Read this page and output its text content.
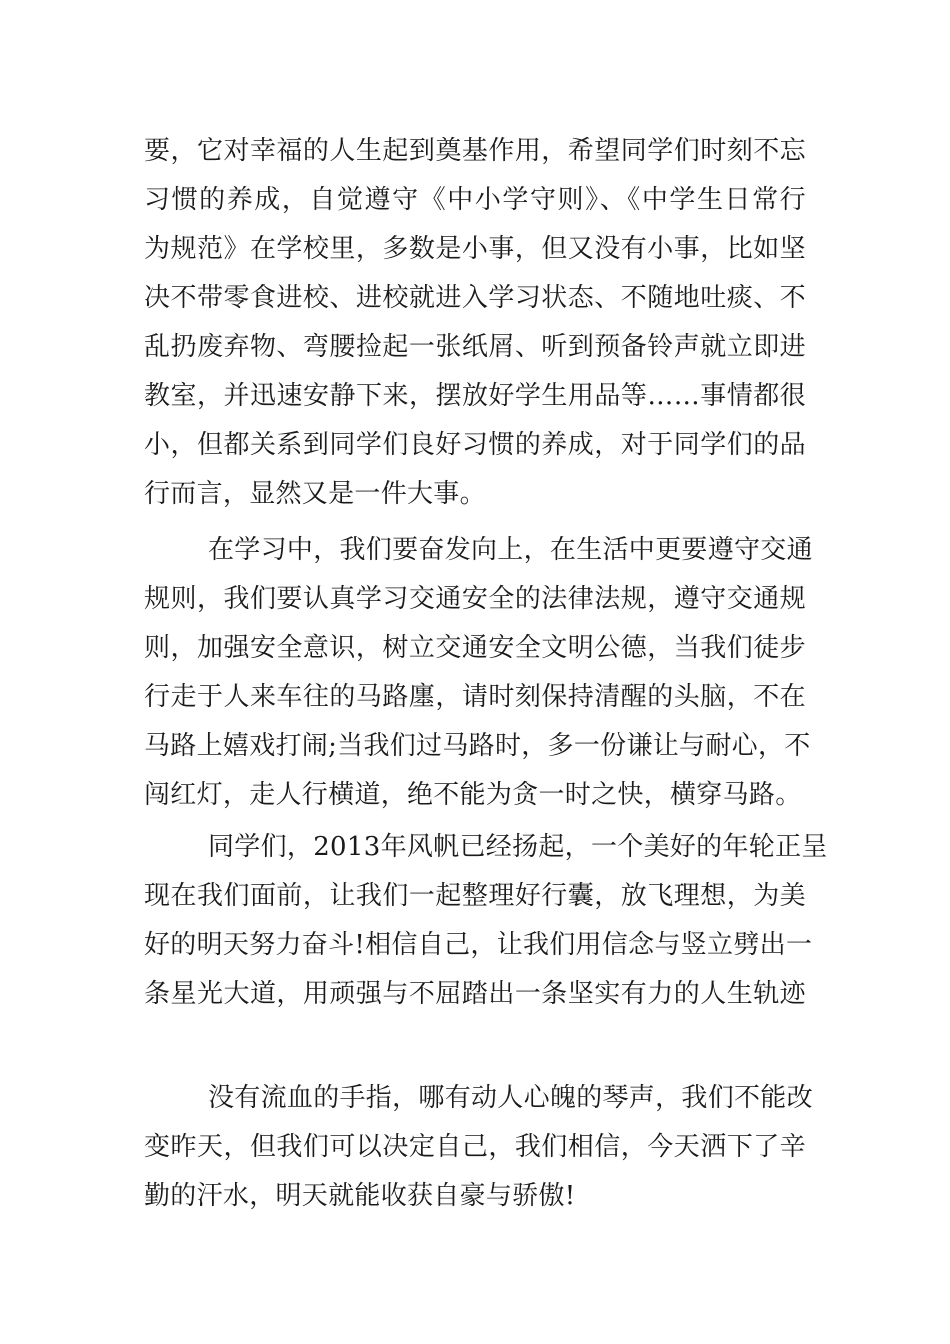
要，它对幸福的人生起到奠基作用，希望同学们时刻不忘
习惯的养成，自觉遵守《中小学守则》、《中学生日常行
为规范》在学校里，多数是小事，但又没有小事，比如坚
决不带零食进校、进校就进入学习状态、不随地吐痰、不
乱扔废弃物、弯腰捡起一张纸屑、听到预备铃声就立即进
教室，并迅速安静下来，摆放好学生用品等……事情都很
小，但都关系到同学们良好习惯的养成，对于同学们的品
行而言，显然又是一件大事。
在学习中，我们要奋发向上，在生活中更要遵守交通
规则，我们要认真学习交通安全的法律法规，遵守交通规
则，加强安全意识，树立交通安全文明公德，当我们徒步
行走于人来车往的马路廛，请时刻保持清醒的头脑，不在
马路上嬉戏打闹;当我们过马路时，多一份谦让与耐心，不
闯红灯，走人行横道，绝不能为贪一时之快，横穿马路。
同学们，2013年风帆已经扬起，一个美好的年轮正呈
现在我们面前，让我们一起整理好行囊，放飞理想，为美
好的明天努力奋斗!相信自己，让我们用信念与竖立劈出一
条星光大道，用顽强与不屈踏出一条坚实有力的人生轨迹
没有流血的手指，哪有动人心魄的琴声，我们不能改
变昨天，但我们可以决定自己，我们相信，今天洒下了辛
勤的汗水，明天就能收获自豪与骄傲!
